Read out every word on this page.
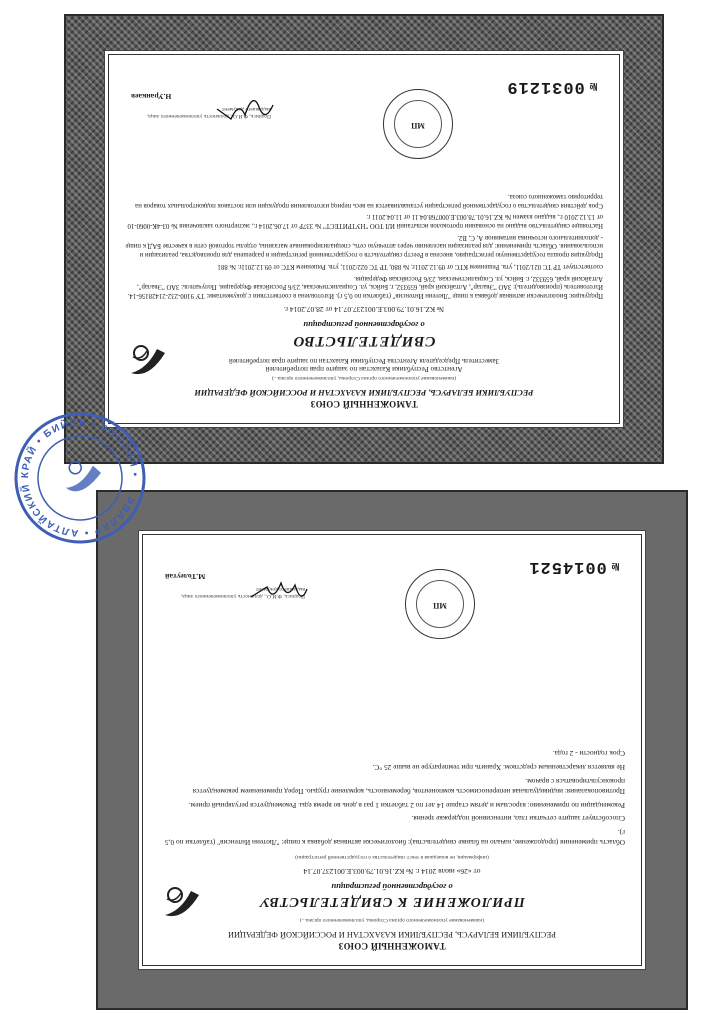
ТАМОЖЕННЫЙ СОЮЗ
РЕСПУБЛИКИ БЕЛАРУСЬ, РЕСПУБЛИКИ КАЗАХСТАН И РОССИЙСКОЙ ФЕДЕРАЦИИ
(наименование уполномоченного органа Стороны, уполномоченного органа...)
Агентство Республики Казахстан по защите прав потребителей
Заместитель Председателя Агентства Республики Казахстан по защите прав потребителей
СВИДЕТЕЛЬСТВО
о государственной регистрации
№ KZ.16.01.79.003.Е.001237.07.14 от 28.07.2014 г.

Продукция: Биологически активная добавка к пище "Лютеин Интенсив" (таблетки по 0,5 г). Изготовлена в соответствии с документами: ТУ 9100-232-21428156-14. Изготовитель (производитель): ЗАО "Эвалар", Алтайский край, 659332, г. Бийск, ул. Социалистическая, 23/6 Российская Федерация. Получатель: ЗАО "Эвалар", Алтайский край, 659332, г. Бийск, ул. Социалистическая, 23/6 Российская Федерация.

соответствует ТР ТС 021/2011, утв. Решением КТС от 09.12.2011г. № 880, ТР ТС 022/2011, утв. Решением КТС от 09.12.2011г. № 881

Продукция прошла государственную регистрацию, внесена в Реестр свидетельств о государственной регистрации и разрешена для производства, реализации и использования. Область применения: для реализации населению через аптечную сеть, специализированные магазины, отделы торговой сети в качестве БАД к пище - дополнительного источника витаминов А, С, В2.

Настоящее свидетельство выдано на основании протоколов испытаний ИЛ ТОО "НУТРИТЕСТ" № 337Р от 17.06.2014 г., экспертного заключения № 03-4К-0060-10 от 13.12.2010 г., выдано взамен № KZ.16.01.78.003.Е.000768.04.11 от 11.04.2011 г.

Срок действия свидетельства о государственной регистрации устанавливается на весь период изготовления продукции или поставок подконтрольных товаров на территорию таможенного союза.

Подпись, Ф.И.О., должность уполномоченного лица, выдавшего документ
Н.Уранкаев
МП
№0031219
ТАМОЖЕННЫЙ СОЮЗ
РЕСПУБЛИКИ БЕЛАРУСЬ, РЕСПУБЛИКИ КАЗАХСТАН И РОССИЙСКОЙ ФЕДЕРАЦИИ
(наименование уполномоченного органа Стороны, уполномоченного органа...)
ПРИЛОЖЕНИЕ К СВИДЕТЕЛЬСТВУ
о государственной регистрации
от «26» июля 2014 г. № KZ.16.01.79.003.Е.001237.07.14
(информация, не вошедшая в текст свидетельства о государственной регистрации)

Область применения (продолжение, начало на бланке свидетельства): биологически активная добавка к пище: "Лютеин Интенсив" (таблетки по 0,5 г).

Способствует защите сетчатки глаз, интенсивной поддержке зрения.

Рекомендации по применению: взрослым и детям старше 14 лет по 2 таблетки 1 раз в день во время еды. Рекомендуется регулярный прием.

Противопоказания: индивидуальная непереносимость компонентов, беременность, кормление грудью. Перед применением рекомендуется проконсультироваться с врачом.

Не является лекарственным средством. Хранить при температуре не выше 25 °С.

Срок годности - 2 года.

Подпись, Ф.И.О., должность уполномоченного лица, выдавшего документ
М.Толеутай
МП
№0014521
ЭВАЛАР • АЛТАЙСКИЙ КРАЙ • БИЙСК • РОССИЯ •
